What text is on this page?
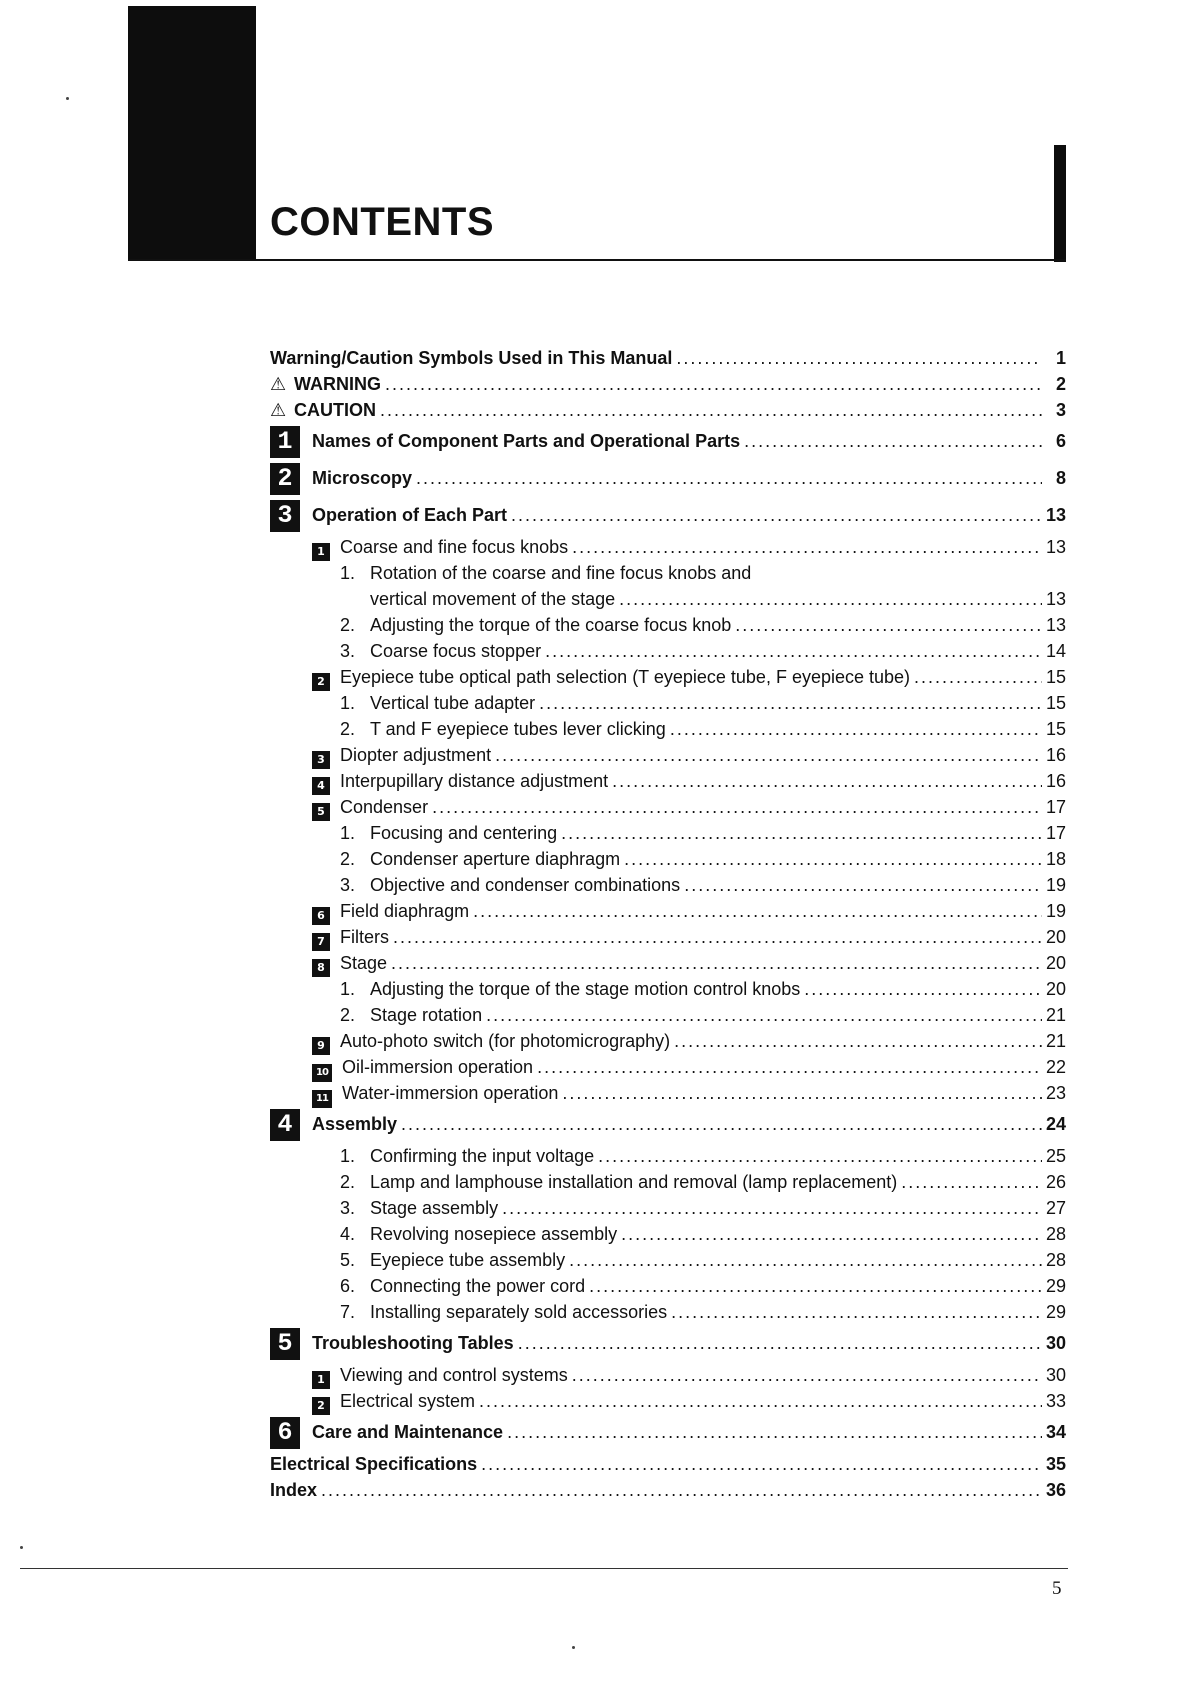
CONTENTS
Warning/Caution Symbols Used in This Manual .....	1
⚠ WARNING .....	2
⚠ CAUTION .....	3
1	Names of Component Parts and Operational Parts .....	6
2	Microscopy .....	8
3	Operation of Each Part .....	13
1 Coarse and fine focus knobs .....	13
1. Rotation of the coarse and fine focus knobs and
vertical movement of the stage .....	13
2. Adjusting the torque of the coarse focus knob .....	13
3. Coarse focus stopper .....	14
2 Eyepiece tube optical path selection (T eyepiece tube, F eyepiece tube) .....	15
1. Vertical tube adapter .....	15
2. T and F eyepiece tubes lever clicking .....	15
3 Diopter adjustment .....	16
4 Interpupillary distance adjustment .....	16
5 Condenser .....	17
1. Focusing and centering .....	17
2. Condenser aperture diaphragm .....	18
3. Objective and condenser combinations .....	19
6 Field diaphragm .....	19
7 Filters .....	20
8 Stage .....	20
1. Adjusting the torque of the stage motion control knobs .....	20
2. Stage rotation .....	21
9 Auto-photo switch (for photomicrography) .....	21
10 Oil-immersion operation .....	22
11 Water-immersion operation .....	23
4	Assembly .....	24
1. Confirming the input voltage .....	25
2. Lamp and lamphouse installation and removal (lamp replacement) .....	26
3. Stage assembly .....	27
4. Revolving nosepiece assembly .....	28
5. Eyepiece tube assembly .....	28
6. Connecting the power cord .....	29
7. Installing separately sold accessories .....	29
5	Troubleshooting Tables .....	30
1 Viewing and control systems .....	30
2 Electrical system .....	33
6	Care and Maintenance .....	34
Electrical Specifications .....	35
Index .....	36
5
